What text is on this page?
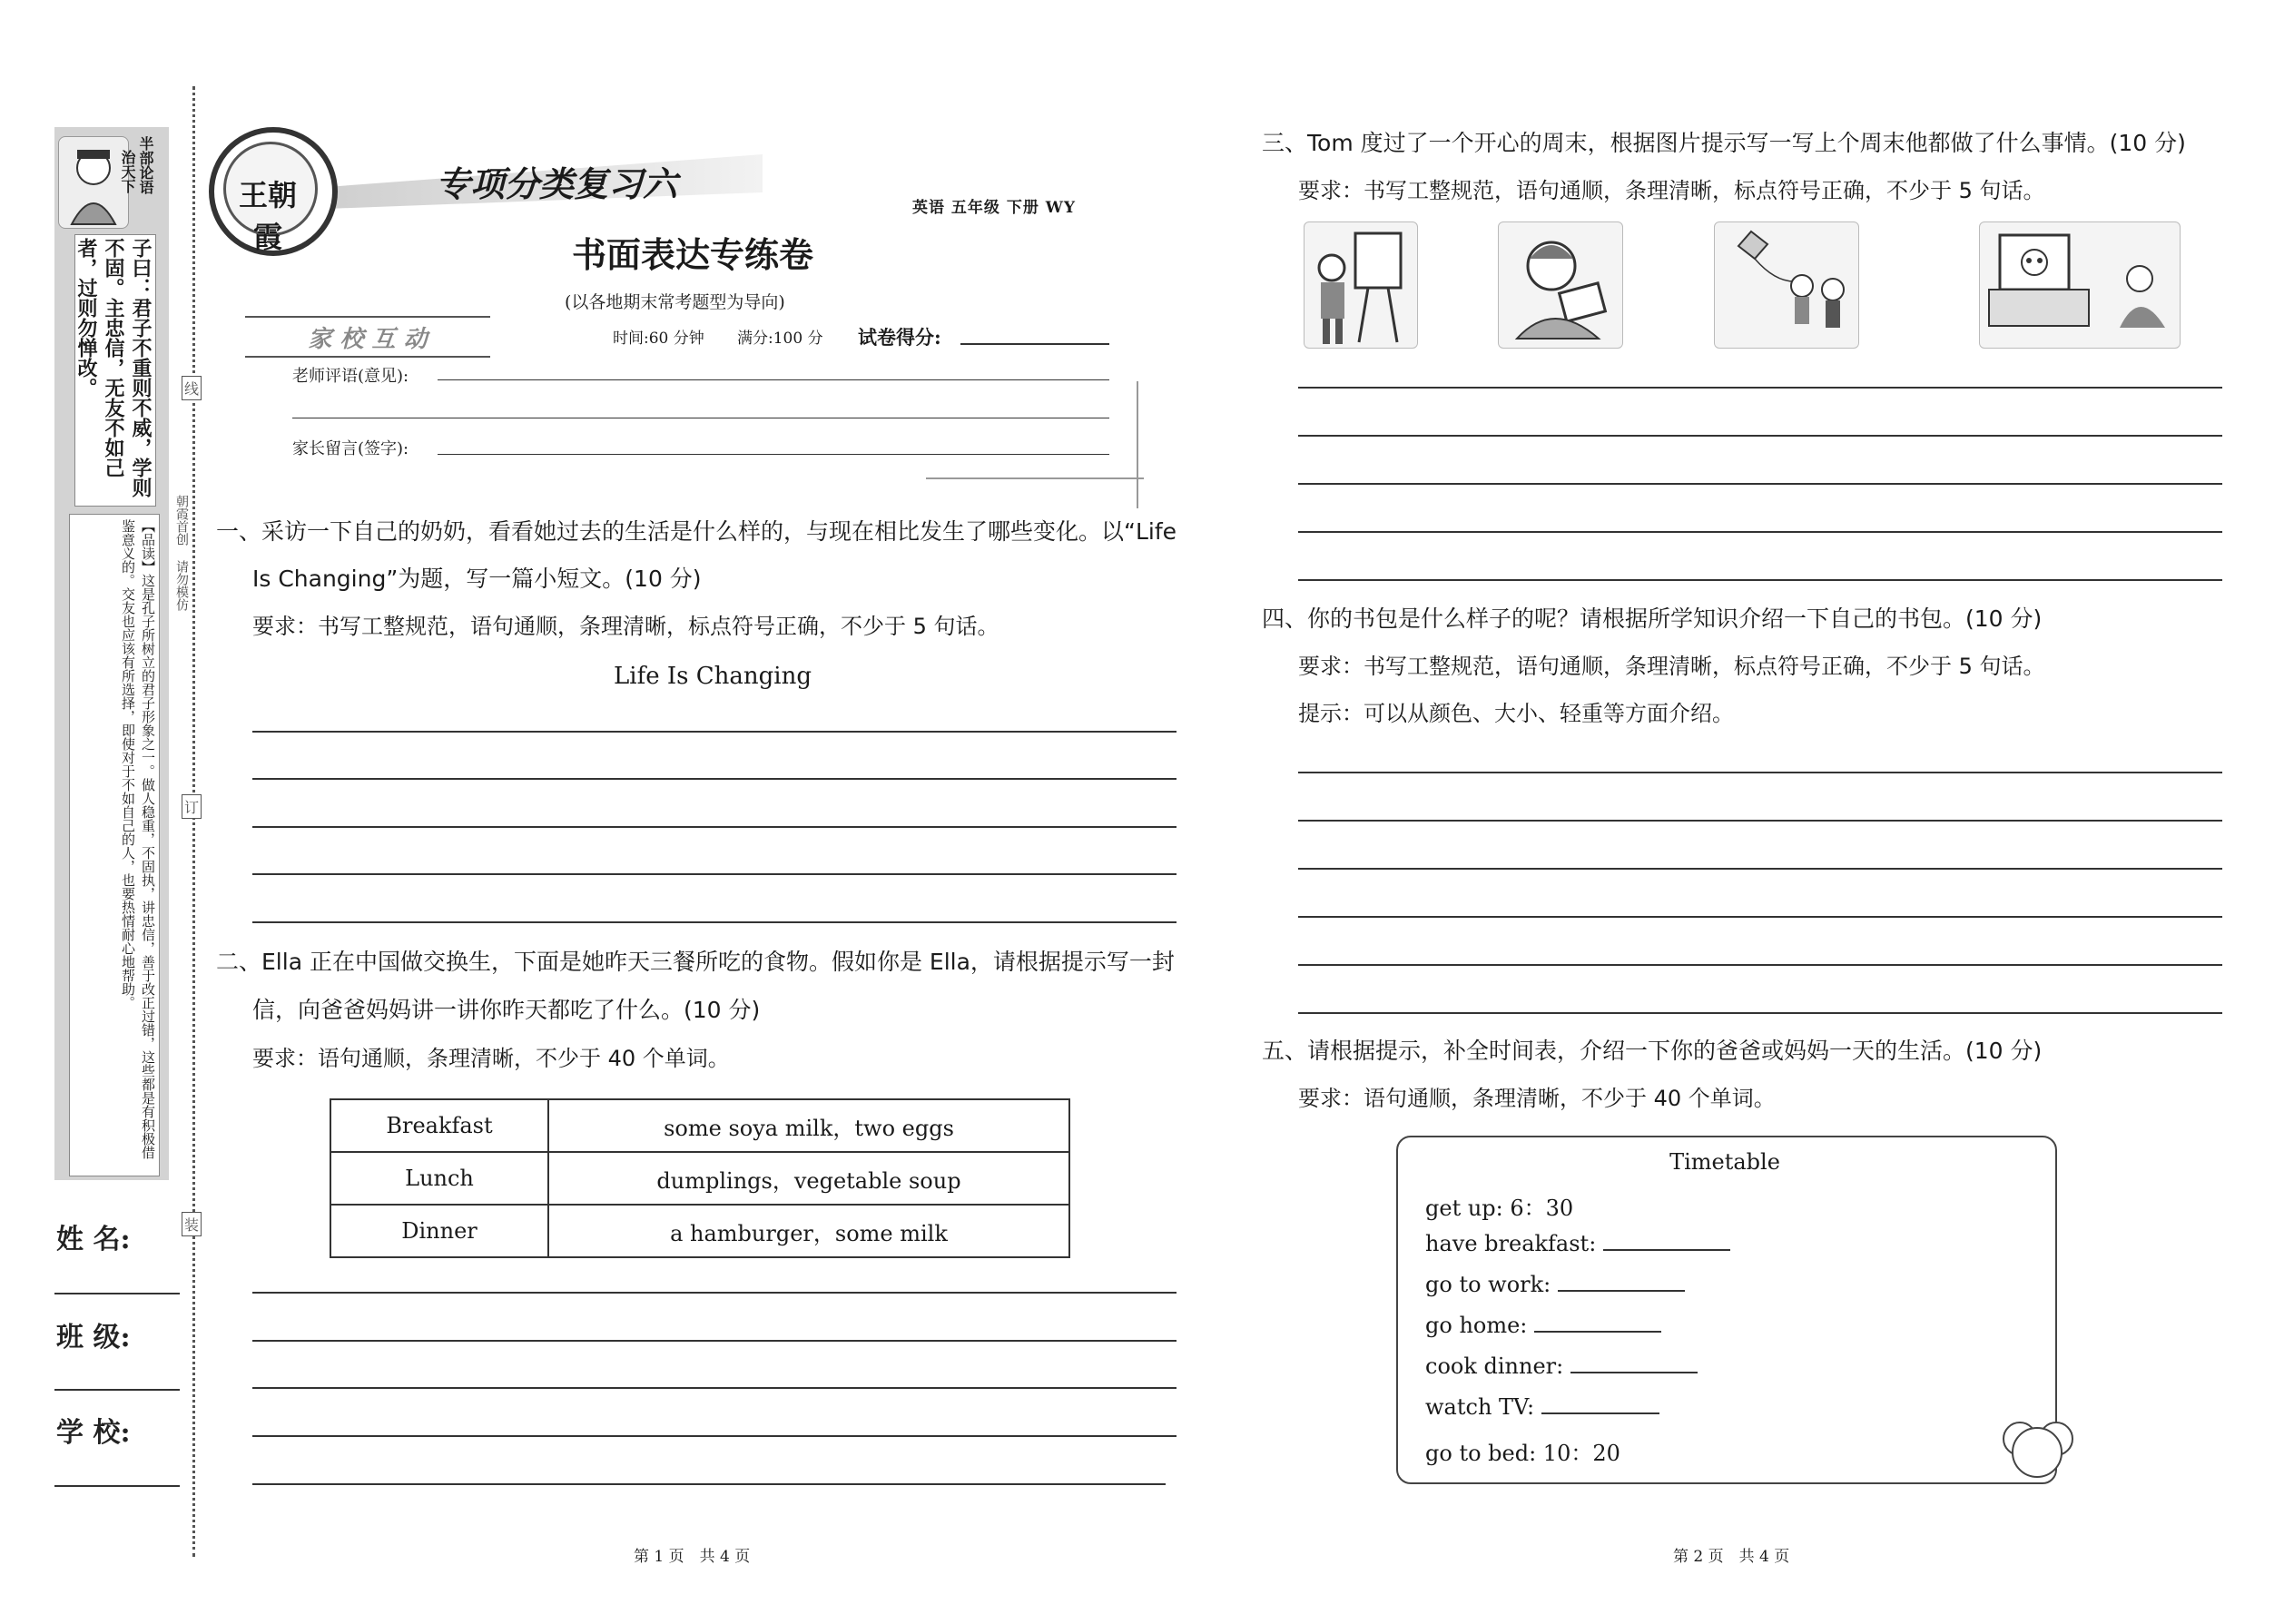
半部论语
治天下
子曰：君子不重则不威，学则不固。主忠信，无友不如己者，过则勿惮改。
【品读】这是孔子所树立的君子形象之一。做人稳重，不固执，讲忠信，善于改正过错，这些都是有积极借鉴意义的。交友也应该有所选择，即使对于不如自己的人，也要热情耐心地帮助。
线
订
装
朝霞首创 请勿模仿
姓 名:
班 级:
学 校:
王朝霞
专项分类复习六
英语 五年级 下册 WY
书面表达专练卷
(以各地期末常考题型为导向)
家 校 互 动	时间:60 分钟 满分:100 分 试卷得分:
老师评语(意见):
家长留言(签字):
一、采访一下自己的奶奶，看看她过去的生活是什么样的，与现在相比发生了哪些变化。以“Life
Is Changing”为题，写一篇小短文。(10 分)
要求：书写工整规范，语句通顺，条理清晰，标点符号正确，不少于 5 句话。
Life Is Changing
二、Ella 正在中国做交换生，下面是她昨天三餐所吃的食物。假如你是 Ella，请根据提示写一封
信，向爸爸妈妈讲一讲你昨天都吃了什么。(10 分)
要求：语句通顺，条理清晰，不少于 40 个单词。
Breakfast	some soya milk，two eggs
Lunch	dumplings，vegetable soup
Dinner	a hamburger，some milk
第 1 页　共 4 页
三、Tom 度过了一个开心的周末，根据图片提示写一写上个周末他都做了什么事情。(10 分)
要求：书写工整规范，语句通顺，条理清晰，标点符号正确，不少于 5 句话。
四、你的书包是什么样子的呢？请根据所学知识介绍一下自己的书包。(10 分)
要求：书写工整规范，语句通顺，条理清晰，标点符号正确，不少于 5 句话。
提示：可以从颜色、大小、轻重等方面介绍。
五、请根据提示，补全时间表，介绍一下你的爸爸或妈妈一天的生活。(10 分)
要求：语句通顺，条理清晰，不少于 40 个单词。
Timetable
get up: 6：30
have breakfast:
go to work:
go home:
cook dinner:
watch TV:
go to bed: 10：20
第 2 页　共 4 页
